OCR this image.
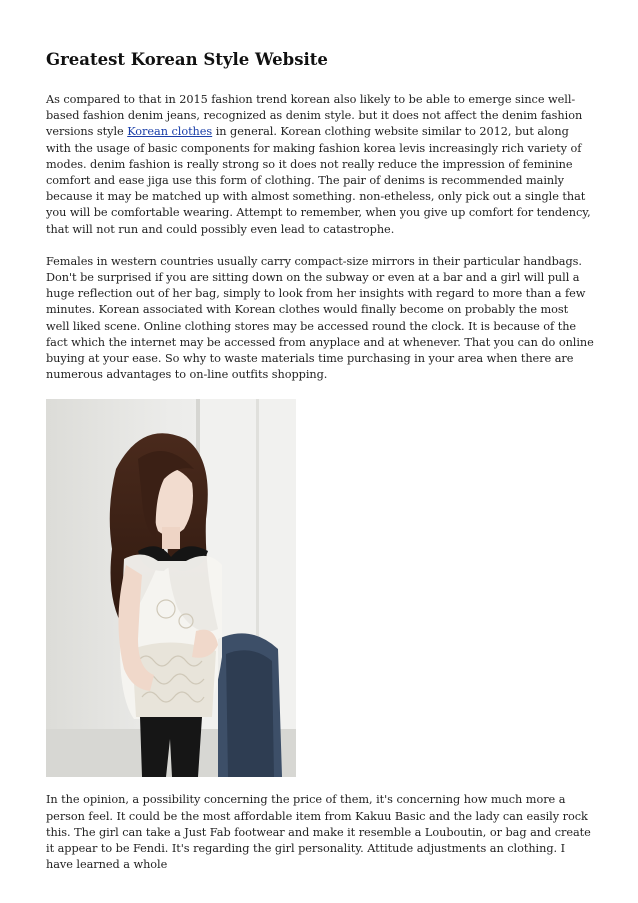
Greatest Korean Style Website

As compared to that in 2015 fashion trend korean also likely to be able to emerge since well-based fashion denim jeans, recognized as denim style. but it does not affect the denim fashion versions style Korean clothes in general. Korean clothing website similar to 2012, but along with the usage of basic components for making fashion korea levis increasingly rich variety of modes. denim fashion is really strong so it does not really reduce the impression of feminine comfort and ease jiga use this form of clothing. The pair of denims is recommended mainly because it may be matched up with almost something. non-etheless, only pick out a single that you will be comfortable wearing. Attempt to remember, when you give up comfort for tendency, that will not run and could possibly even lead to catastrophe.

Females in western countries usually carry compact-size mirrors in their particular handbags. Don't be surprised if you are sitting down on the subway or even at a bar and a girl will pull a huge reflection out of her bag, simply to look from her insights with regard to more than a few minutes. Korean associated with Korean clothes would finally become on probably the most well liked scene. Online clothing stores may be accessed round the clock. It is because of the fact which the internet may be accessed from anyplace and at whenever. That you can do online buying at your ease. So why to waste materials time purchasing in your area when there are numerous advantages to on-line outfits shopping.

In the opinion, a possibility concerning the price of them, it's concerning how much more a person feel. It could be the most affordable item from Kakuu Basic and the lady can easily rock this. The girl can take a Just Fab footwear and make it resemble a Louboutin, or bag and create it appear to be Fendi. It's regarding the girl personality. Attitude adjustments an clothing. I have learned a whole
